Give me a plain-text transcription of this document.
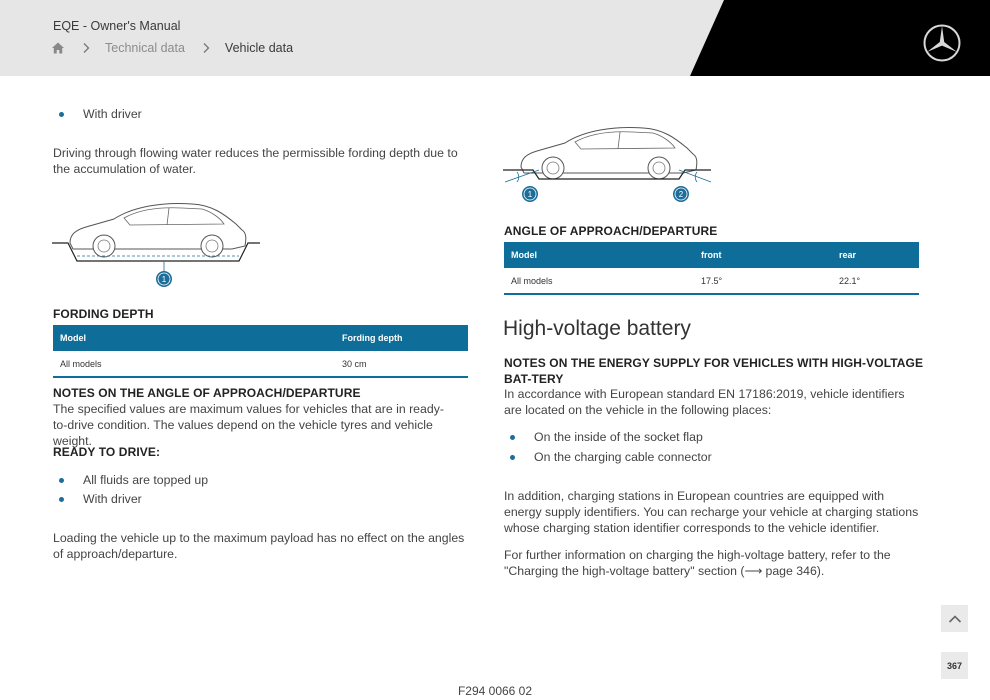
EQE - Owner's Manual
Technical data	Vehicle data
With driver
Driving through flowing water reduces the permissible fording depth due to the accumulation of water.
1
FORDING DEPTH
Model	Fording depth
All models	30 cm
NOTES ON THE ANGLE OF APPROACH/DEPARTURE
The specified values are maximum values for vehicles that are in ready-to-drive condition. The values depend on the vehicle tyres and vehicle weight.
READY TO DRIVE:
All fluids are topped up
With driver
Loading the vehicle up to the maximum payload has no effect on the angles of approach/departure.
1	2
ANGLE OF APPROACH/DEPARTURE
Model	front	rear
All models	17.5°	22.1°
High-voltage battery
NOTES ON THE ENERGY SUPPLY FOR VEHICLES WITH HIGH-VOLTAGE BAT-TERY
In accordance with European standard EN 17186:2019, vehicle identifiers are located on the vehicle in the following places:
On the inside of the socket flap
On the charging cable connector
In addition, charging stations in European countries are equipped with energy supply identifiers. You can recharge your vehicle at charging stations whose charging station identifier corresponds to the vehicle identifier.
For further information on charging the high-voltage battery, refer to the "Charging the high-voltage battery" section (⟶ page 346).
367
F294 0066 02
